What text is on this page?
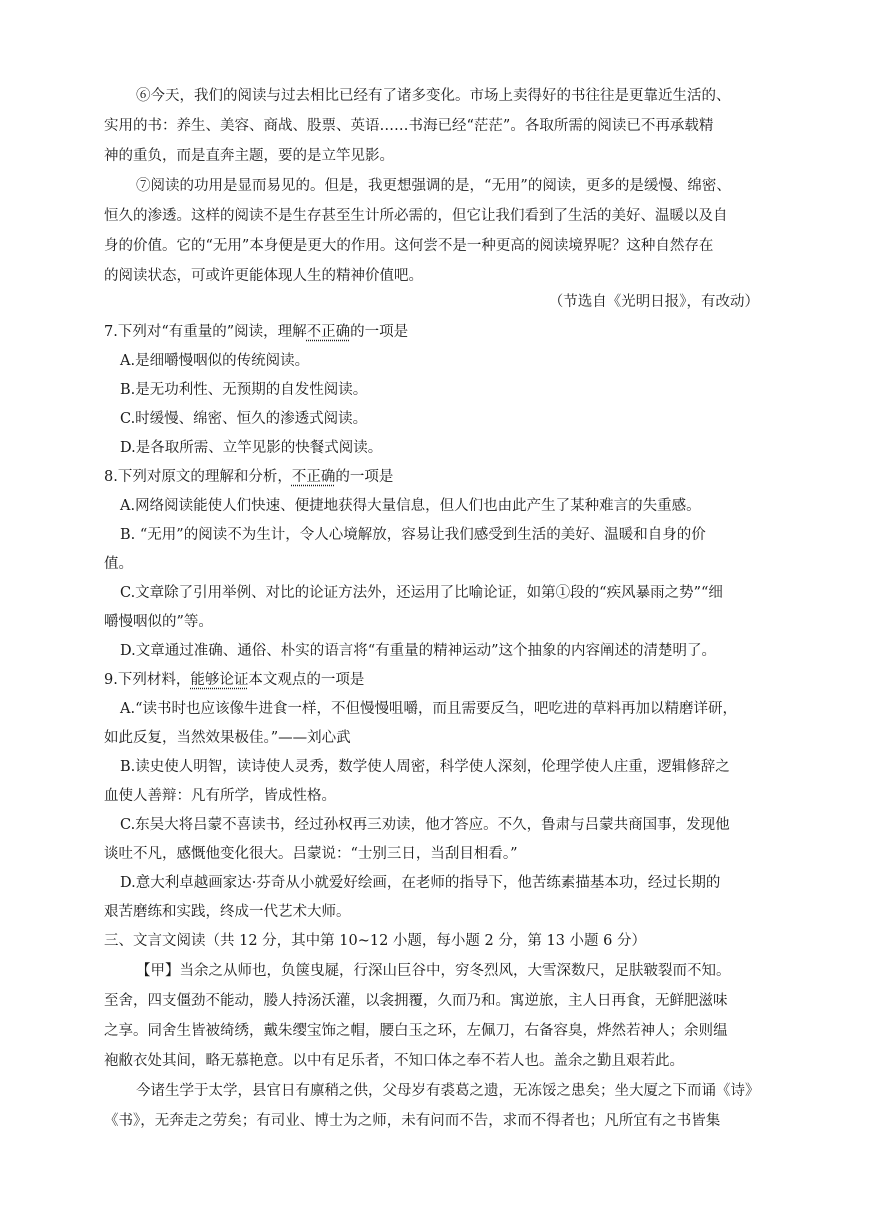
⑥今天，我们的阅读与过去相比已经有了诸多变化。市场上卖得好的书往往是更靠近生活的、
实用的书：养生、美容、商战、股票、英语……书海已经“茫茫”。各取所需的阅读已不再承载精
神的重负，而是直奔主题，要的是立竿见影。
⑦阅读的功用是显而易见的。但是，我更想强调的是，“无用”的阅读，更多的是缓慢、绵密、
恒久的渗透。这样的阅读不是生存甚至生计所必需的，但它让我们看到了生活的美好、温暖以及自
身的价值。它的“无用”本身便是更大的作用。这何尝不是一种更高的阅读境界呢？这种自然存在
的阅读状态，可或许更能体现人生的精神价值吧。
（节选自《光明日报》，有改动）
7.下列对“有重量的”阅读，理解不正确的一项是
A.是细嚼慢咽似的传统阅读。
B.是无功利性、无预期的自发性阅读。
C.时缓慢、绵密、恒久的渗透式阅读。
D.是各取所需、立竿见影的快餐式阅读。
8.下列对原文的理解和分析，不正确的一项是
A.网络阅读能使人们快速、便捷地获得大量信息，但人们也由此产生了某种难言的失重感。
B. “无用”的阅读不为生计，令人心境解放，容易让我们感受到生活的美好、温暖和自身的价
值。
C.文章除了引用举例、对比的论证方法外，还运用了比喻论证，如第①段的“疾风暴雨之势”“细
嚼慢咽似的”等。
D.文章通过准确、通俗、朴实的语言将“有重量的精神运动”这个抽象的内容阐述的清楚明了。
9.下列材料，能够论证本文观点的一项是
A.“读书时也应该像牛进食一样，不但慢慢咀嚼，而且需要反刍，吧吃进的草料再加以精磨详研，
如此反复，当然效果极佳。”——刘心武
B.读史使人明智，读诗使人灵秀，数学使人周密，科学使人深刻，伦理学使人庄重，逻辑修辞之
血使人善辩：凡有所学，皆成性格。
C.东吴大将吕蒙不喜读书，经过孙权再三劝读，他才答应。不久，鲁肃与吕蒙共商国事，发现他
谈吐不凡，感慨他变化很大。吕蒙说：“士别三日，当刮目相看。”
D.意大利卓越画家达·芬奇从小就爱好绘画，在老师的指导下，他苦练素描基本功，经过长期的
艰苦磨练和实践，终成一代艺术大师。
三、文言文阅读（共 12 分，其中第 10~12 小题，每小题 2 分，第 13 小题 6 分）
【甲】当余之从师也，负箧曳屣，行深山巨谷中，穷冬烈风，大雪深数尺，足肤皲裂而不知。
至舍，四支僵劲不能动，媵人持汤沃灌，以衾拥覆，久而乃和。寓逆旅，主人日再食，无鲜肥滋味
之享。同舍生皆被绮绣，戴朱缨宝饰之帽，腰白玉之环，左佩刀，右备容臭，烨然若神人；余则缊
袍敝衣处其间，略无慕艳意。以中有足乐者，不知口体之奉不若人也。盖余之勤且艰若此。
今诸生学于太学，县官日有廪稍之供，父母岁有裘葛之遗，无冻馁之患矣；坐大厦之下而诵《诗》
《书》，无奔走之劳矣；有司业、博士为之师，未有问而不告，求而不得者也；凡所宜有之书皆集
